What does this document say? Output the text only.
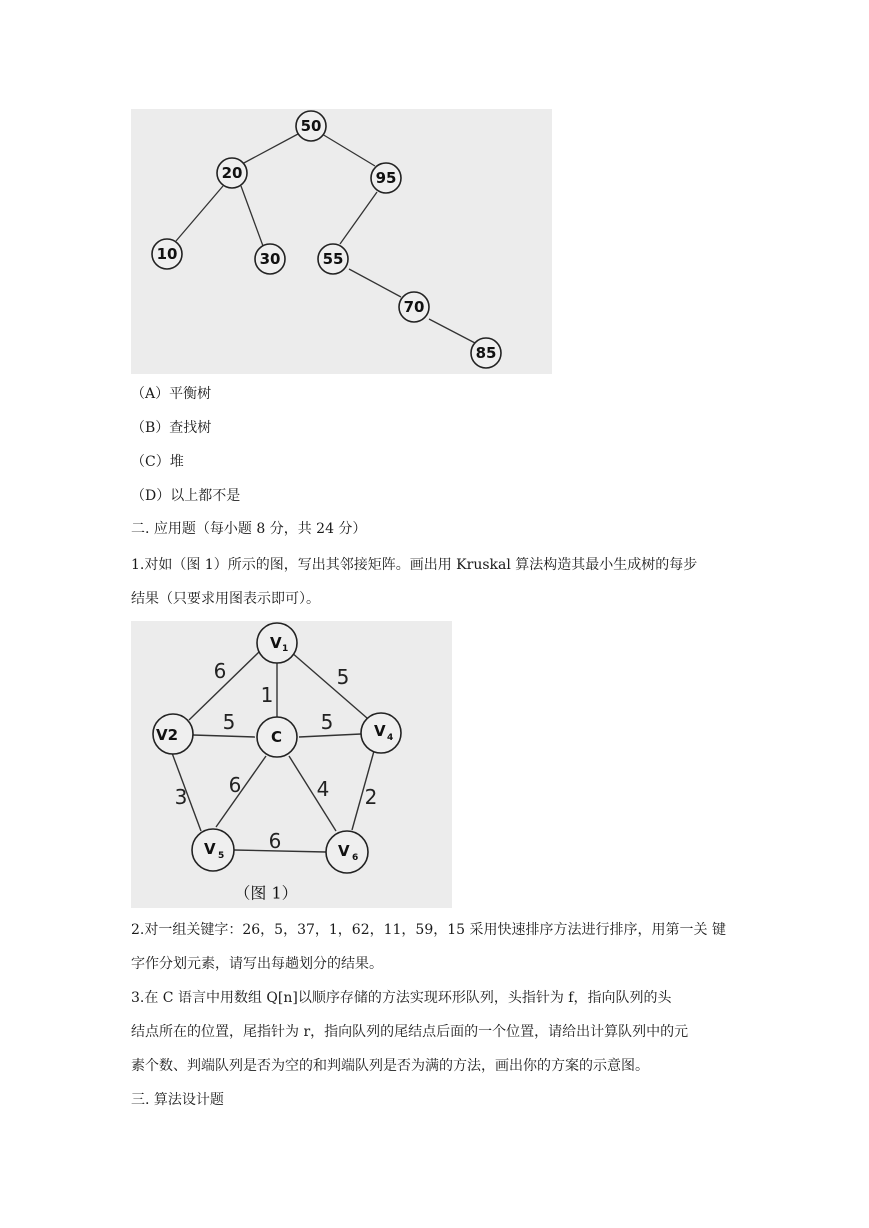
50
20	95
10	30	55
70
85
（A）平衡树
（B）查找树
（C）堆
（D）以上都不是
二. 应用题（每小题 8 分，共 24 分）
1.对如（图 1）所示的图，写出其邻接矩阵。画出用 Kruskal 算法构造其最小生成树的每步
结果（只要求用图表示即可）。
V 1
V2	C	V 4
V 5	V 6
6
1
5
5	5
3 6	4 2
6
（图 1）
2.对一组关键字：26，5，37，1，62，11，59，15 采用快速排序方法进行排序，用第一关 键
字作分划元素，请写出每趟划分的结果。
3.在 C 语言中用数组 Q[n]以顺序存储的方法实现环形队列，头指针为 f，指向队列的头
结点所在的位置，尾指针为 r，指向队列的尾结点后面的一个位置，请给出计算队列中的元
素个数、判端队列是否为空的和判端队列是否为满的方法，画出你的方案的示意图。
三. 算法设计题
